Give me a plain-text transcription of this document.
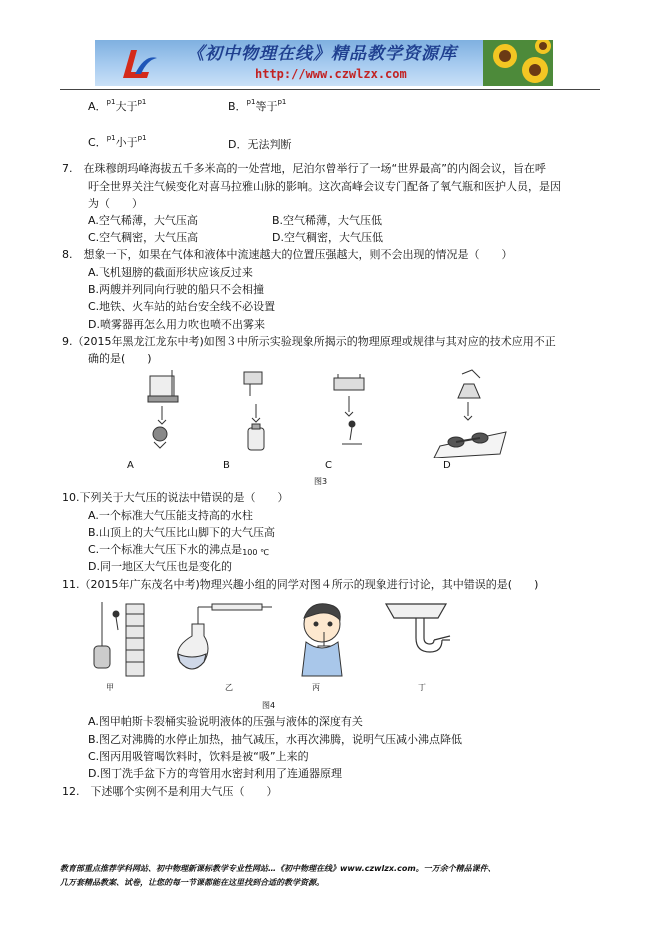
《初中物理在线》精品教学资源库
http://www.czwlzx.com
A．$^{p1}$大于$^{p1}$	B．$^{p1}$等于$^{p1}$
C．$^{p1}$小于$^{p1}$	D．无法判断
7.　在珠穆朗玛峰海拔五千多米高的一处营地，尼泊尔曾举行了一场“世界最高”的内阁会议，旨在呼
吁全世界关注气候变化对喜马拉雅山脉的影响。这次高峰会议专门配备了氧气瓶和医护人员，是因
为（　　）
A.空气稀薄，大气压高	B.空气稀薄，大气压低
C.空气稠密，大气压高	D.空气稠密，大气压低
8.　想象一下，如果在气体和液体中流速越大的位置压强越大，则不会出现的情况是（　　）
A.飞机翅膀的截面形状应该反过来
B.两艘并列同向行驶的船只不会相撞
C.地铁、火车站的站台安全线不必设置
D.喷雾器再怎么用力吹也喷不出雾来
9.（2015年黑龙江龙东中考)如图３中所示实验现象所揭示的物理原理或规律与其对应的技术应用不正
确的是(　　)
A	B	C	D
图3
10.下列关于大气压的说法中错误的是（　　）
A.一个标准大气压能支持高的水柱
B.山顶上的大气压比山脚下的大气压高
C.一个标准大气压下水的沸点是100 ℃
D.同一地区大气压也是变化的
11.（2015年广东茂名中考)物理兴趣小组的同学对图４所示的现象进行讨论，其中错误的是(　　)
甲	乙	丙	丁
图4
A.图甲帕斯卡裂桶实验说明液体的压强与液体的深度有关
B.图乙对沸腾的水停止加热，抽气减压，水再次沸腾，说明气压减小沸点降低
C.图丙用吸管喝饮料时，饮料是被“吸”上来的
D.图丁洗手盆下方的弯管用水密封利用了连通器原理
12.　下述哪个实例不是利用大气压（　　）
教育部重点推荐学科网站、初中物理新课标教学专业性网站…《初中物理在线》www.czwlzx.com。一万余个精品课件、
几万套精品教案、试卷，让您的每一节课都能在这里找到合适的教学资源。
